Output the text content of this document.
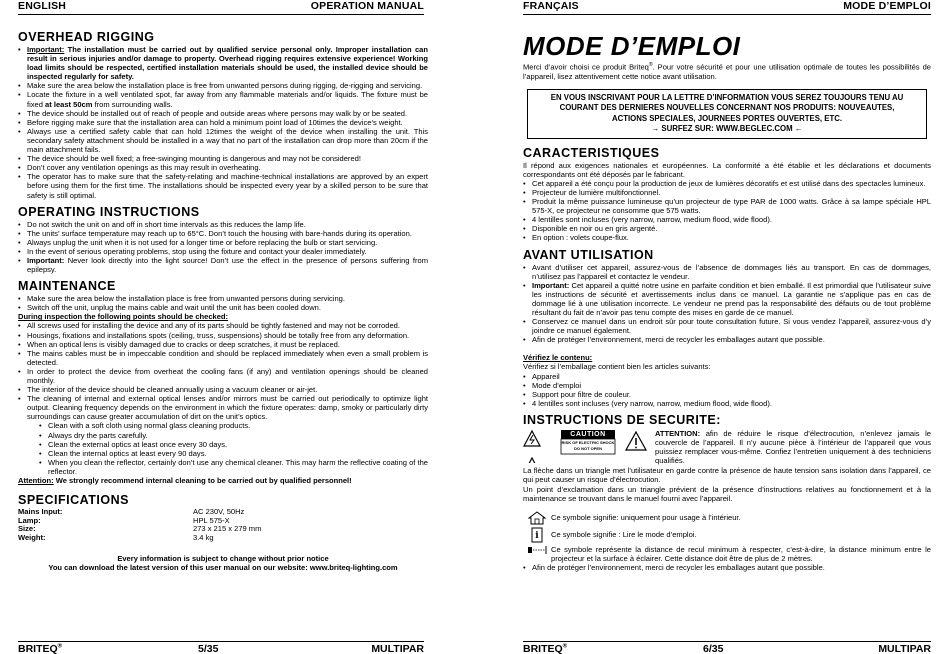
ENGLISH	OPERATION MANUAL
OVERHEAD RIGGING
• Important: The installation must be carried out by qualified service personal only. Improper installation can result in serious injuries and/or damage to property. Overhead rigging requires extensive experience! Working load limits should be respected, certified installation materials should be used, the installed device should be inspected regularly for safety.
• Make sure the area below the installation place is free from unwanted persons during rigging, de-rigging and servicing.
• Locate the fixture in a well ventilated spot, far away from any flammable materials and/or liquids. The fixture must be fixed at least 50cm from surrounding walls.
• The device should be installed out of reach of people and outside areas where persons may walk by or be seated.
• Before rigging make sure that the installation area can hold a minimum point load of 10times the device’s weight.
• Always use a certified safety cable that can hold 12times the weight of the device when installing the unit. This secondary safety attachment should be installed in a way that no part of the installation can drop more than 20cm if the main attachment fails.
• The device should be well fixed; a free-swinging mounting is dangerous and may not be considered!
• Don’t cover any ventilation openings as this may result in overheating.
• The operator has to make sure that the safety-relating and machine-technical installations are approved by an expert before using them for the first time. The installations should be inspected every year by a skilled person to be sure that safety is still optimal.
OPERATING INSTRUCTIONS
• Do not switch the unit on and off in short time intervals as this reduces the lamp life.
• The units’ surface temperature may reach up to 65°C. Don’t touch the housing with bare-hands during its operation.
• Always unplug the unit when it is not used for a longer time or before replacing the bulb or start servicing.
• In the event of serious operating problems, stop using the fixture and contact your dealer immediately.
• Important: Never look directly into the light source! Don’t use the effect in the presence of persons suffering from epilepsy.
MAINTENANCE
• Make sure the area below the installation place is free from unwanted persons during servicing.
• Switch off the unit, unplug the mains cable and wait until the unit has been cooled down.
During inspection the following points should be checked:
• All screws used for installing the device and any of its parts should be tightly fastened and may not be corroded.
• Housings, fixations and installations spots (ceiling, truss, suspensions) should be totally free from any deformation.
• When an optical lens is visibly damaged due to cracks or deep scratches, it must be replaced.
• The mains cables must be in impeccable condition and should be replaced immediately when even a small problem is detected.
• In order to protect the device from overheat the cooling fans (if any) and ventilation openings should be cleaned monthly.
• The interior of the device should be cleaned annually using a vacuum cleaner or air-jet.
• The cleaning of internal and external optical lenses and/or mirrors must be carried out periodically to optimize light output. Cleaning frequency depends on the environment in which the fixture operates: damp, smoky or particularly dirty surroundings can cause greater accumulation of dirt on the unit’s optics.
• Clean with a soft cloth using normal glass cleaning products.
• Always dry the parts carefully.
• Clean the external optics at least once every 30 days.
• Clean the internal optics at least every 90 days.
• When you clean the reflector, certainly don’t use any chemical cleaner. This may harm the reflective coating of the reflector.
Attention: We strongly recommend internal cleaning to be carried out by qualified personnel!
SPECIFICATIONS
Mains Input:	AC 230V, 50Hz
Lamp:	HPL 575-X
Size:	273 x 215 x 279 mm
Weight:	3.4 kg
Every information is subject to change without prior notice
You can download the latest version of this user manual on our website: www.briteq-lighting.com
BRITEQ®	5/35	MULTIPAR
FRANÇAIS	MODE D’EMPLOI
MODE D’EMPLOI

Merci d’avoir choisi ce produit Briteq®. Pour votre sécurité et pour une utilisation optimale de toutes les possibilités de l’appareil, lisez attentivement cette notice avant utilisation.

EN VOUS INSCRIVANT POUR LA LETTRE D’INFORMATION VOUS SEREZ TOUJOURS TENU AU
COURANT DES DERNIERES NOUVELLES CONCERNANT NOS PRODUITS: NOUVEAUTES,
ACTIONS SPECIALES, JOURNEES PORTES OUVERTES, ETC.
→ SURFEZ SUR: WWW.BEGLEC.COM ←
CARACTERISTIQUES

Il répond aux exigences nationales et européennes. La conformité a été établie et les déclarations et documents correspondants ont été déposés par le fabricant.

• Cet appareil a été conçu pour la production de jeux de lumières décoratifs et est utilisé dans des spectacles lumineux.
• Projecteur de lumière multifonctionnel.
• Produit la même puissance lumineuse qu’un projecteur de type PAR de 1000 watts. Grâce à sa lampe spéciale HPL 575-X, ce projecteur ne consomme que 575 watts.
• 4 lentilles sont incluses (very narrow, narrow, medium flood, wide flood).
• Disponible en noir ou en gris argenté.
• En option : volets coupe-flux.
AVANT UTILISATION
• Avant d’utiliser cet appareil, assurez-vous de l’absence de dommages liés au transport. En cas de dommages, n’utilisez pas l’appareil et contactez le vendeur.
• Important: Cet appareil a quitté notre usine en parfaite condition et bien emballé. Il est primordial que l’utilisateur suive les instructions de sécurité et avertissements inclus dans ce manuel. La garantie ne s’applique pas en cas de dommage lié à une utilisation incorrecte. Le vendeur ne prend pas la responsabilité des défauts ou de tout problème résultant du fait de n’avoir pas tenu compte des mises en garde de ce manuel.
• Conservez ce manuel dans un endroit sûr pour toute consultation future. Si vous vendez l’appareil, assurez-vous d’y joindre ce manuel également.
• Afin de protéger l’environnement, merci de recycler les emballages autant que possible.
Vérifiez le contenu:
Vérifiez si l’emballage contient bien les articles suivants:
• Appareil
• Mode d’emploi
• Support pour filtre de couleur.
• 4 lentilles sont incluses (very narrow, narrow, medium flood, wide flood).
INSTRUCTIONS DE SECURITE:
CAUTION
RISK OF ELECTRIC SHOCK
DO NOT OPEN

ATTENTION: afin de réduire le risque d’électrocution, n’enlevez jamais le couvercle de l’appareil. Il n’y aucune pièce à l’intérieur de l’appareil que vous puissiez remplacer vous-même. Confiez l’entretien uniquement à des techniciens qualifiés.

La flèche dans un triangle met l’utilisateur en garde contre la présence de haute tension sans isolation dans l’appareil, ce qui peut causer un risque d’électrocution.

Un point d’exclamation dans un triangle prévient de la présence d’instructions relatives au fonctionnement et à la maintenance se trouvant dans le manuel fourni avec l’appareil.

Ce symbole signifie: uniquement pour usage à l’intérieur.
i Ce symbole signifie : Lire le mode d’emploi.

Ce symbole représente la distance de recul minimum à respecter, c’est-à-dire, la distance minimum entre le projecteur et la surface à éclairer. Cette distance doit être de plus de 2 mètres.

• Afin de protéger l’environnement, merci de recycler les emballages autant que possible.
BRITEQ®	6/35	MULTIPAR
